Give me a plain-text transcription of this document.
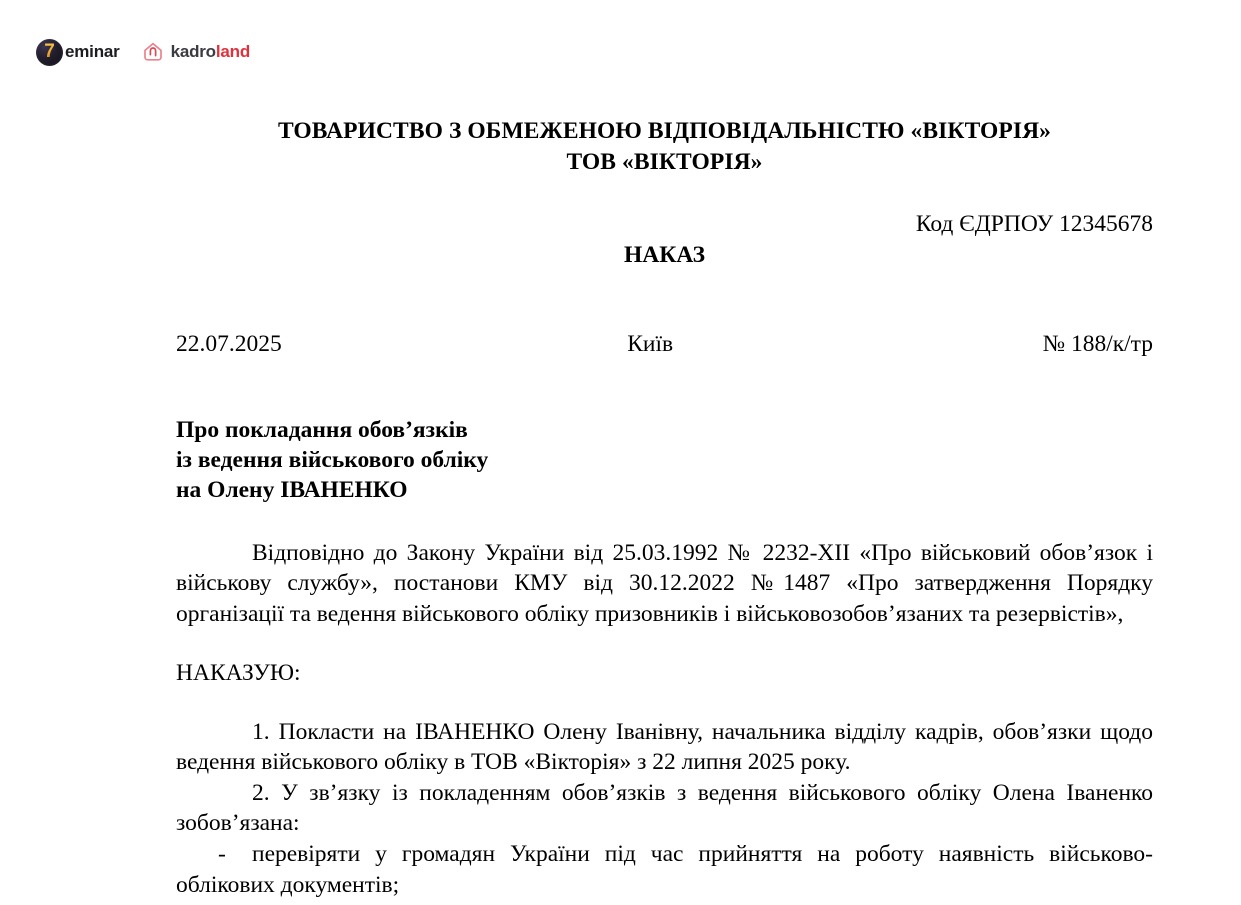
7 eminar	kadroland
ТОВАРИСТВО З ОБМЕЖЕНОЮ ВІДПОВІДАЛЬНІСТЮ «ВІКТОРІЯ»
ТОВ «ВІКТОРІЯ»
Код ЄДРПОУ 12345678
НАКАЗ
22.07.2025	Київ	№ 188/к/тр
Про покладання обов’язків
із ведення військового обліку
на Олену ІВАНЕНКО
Відповідно до Закону України від 25.03.1992 № 2232-XII «Про військовий обов’язок і військову службу», постанови КМУ від 30.12.2022 №1487 «Про затвердження Порядку організації та ведення військового обліку призовників і військовозобов’язаних та резервістів»,
НАКАЗУЮ:
1. Покласти на ІВАНЕНКО Олену Іванівну, начальника відділу кадрів, обов’язки щодо ведення військового обліку в ТОВ «Вікторія» з 22 липня 2025 року.
2. У зв’язку із покладенням обов’язків з ведення військового обліку Олена Іваненко зобов’язана:
- перевіряти у громадян України під час прийняття на роботу наявність військово-облікових документів;
